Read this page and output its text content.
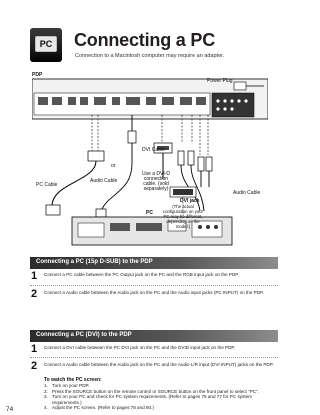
PC Connecting a PC
Connection to a Macintosh computer may require an adapter.
PDP
Power Plug
DVI Cable
or
Use a DVI-D connection cable. (sold separately)
PC Cable
Audio Cable
Audio Cable
DVI jack
(The actual configuration on your PC may be different, depending on the model.)
PC
Connecting a PC (15p D-SUB) to the PDP
1 Connect a PC cable between the PC Output jack on the PC and the RGB input jack on the PDP.
2 Connect a Audio cable between the Audio jack on the PC and the Audio input jacks (PC INPUT) on the PDP.
Connecting a PC (DVI) to the PDP
1 Connect a DVI cable between the PC DVI jack on the PC and the DVID input jack on the PDP.
2 Connect a Audio cable between the Audio jack on the PC and the Audio L/R input (DVI INPUT) jacks on the PDP.
To watch the PC screen:
1. Turn on your PDP.
2. Press the SOURCE button on the remote control or SOURCE button on the front panel to select "PC".
3. Turn on your PC and check for PC system requirements. (Refer to pages 76 and 77 for PC system requirements.)
4. Adjust the PC screen. (Refer to pages 78 and 80.)
74
